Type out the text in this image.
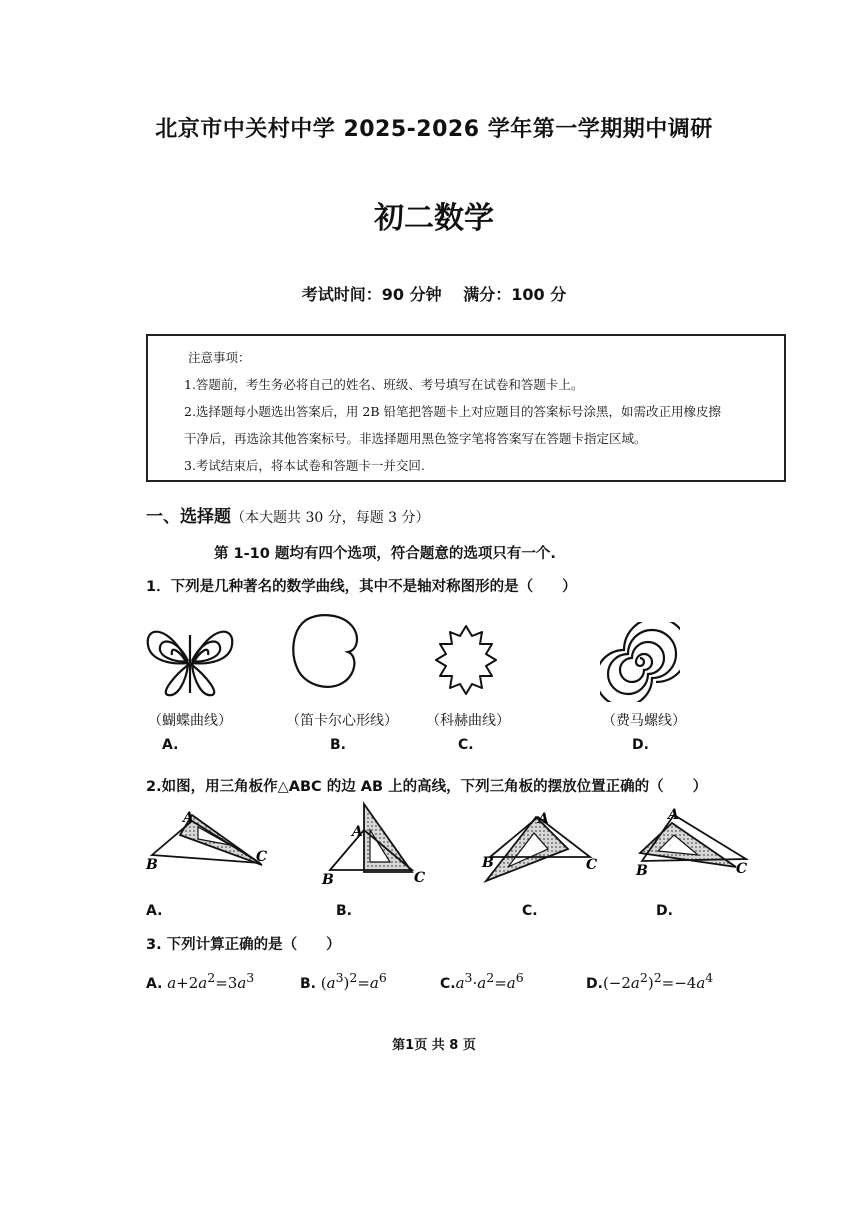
北京市中关村中学 2025-2026 学年第一学期期中调研
初二数学
考试时间：90 分钟 满分：100 分
注意事项：
1.答题前，考生务必将自己的姓名、班级、考号填写在试卷和答题卡上。
2.选择题每小题选出答案后，用 2B 铅笔把答题卡上对应题目的答案标号涂黑，如需改正用橡皮擦
干净后，再选涂其他答案标号。非选择题用黑色签字笔将答案写在答题卡指定区域。
3.考试结束后，将本试卷和答题卡一并交回.
一、选择题（本大题共 30 分，每题 3 分）
第 1-10 题均有四个选项，符合题意的选项只有一个.
1．下列是几种著名的数学曲线，其中不是轴对称图形的是（　　）
（蝴蝶曲线）	（笛卡尔心形线）	（科赫曲线）	（费马螺线）
A.	B.	C.	D.
2.如图，用三角板作△ABC 的边 AB 上的高线，下列三角板的摆放位置正确的（　　）
A
B	C
A
B	C
A
B	C
A
B	C
A.	B.	C.	D.
3. 下列计算正确的是（　　）
A. $a+2a^2=3a^3$	B. $(a^3)^2=a^6$	$C.a^3\cdot a^2=a^6$	$D.(-2a^2)^2=-4a^4$
第1页 共 8 页
